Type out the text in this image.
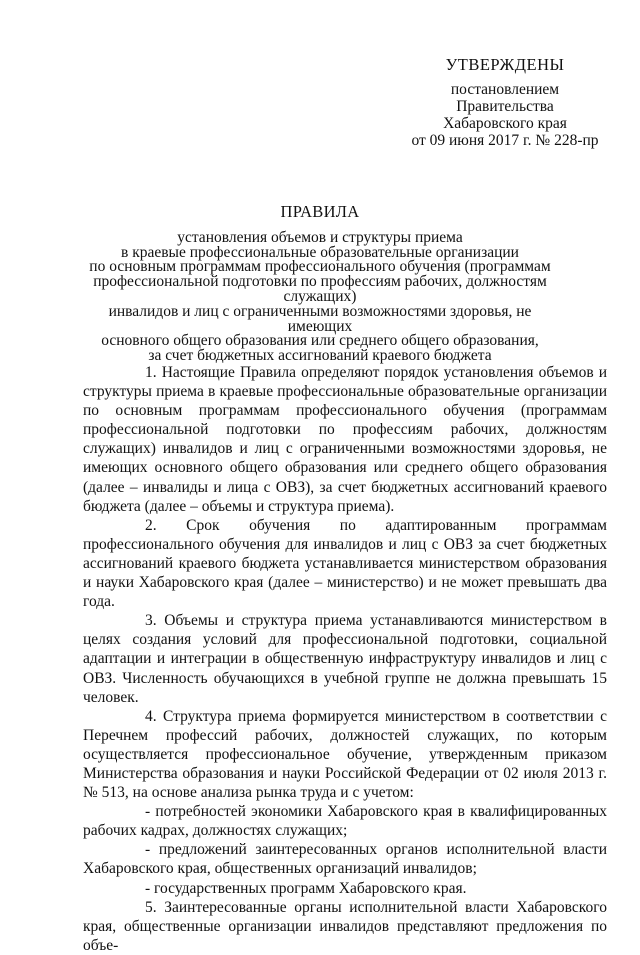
УТВЕРЖДЕНЫ
постановлением
Правительства
Хабаровского края
от 09 июня 2017 г. № 228-пр
ПРАВИЛА
установления объемов и структуры приема
в краевые профессиональные образовательные организации
по основным программам профессионального обучения (программам
профессиональной подготовки по профессиям рабочих, должностям служащих)
инвалидов и лиц с ограниченными возможностями здоровья, не имеющих
основного общего образования или среднего общего образования,
за счет бюджетных ассигнований краевого бюджета

1. Настоящие Правила определяют порядок установления объемов и структуры приема в краевые профессиональные образовательные организации по основным программам профессионального обучения (программам профессиональной подготовки по профессиям рабочих, должностям служащих) инвалидов и лиц с ограниченными возможностями здоровья, не имеющих основного общего образования или среднего общего образования (далее – инвалиды и лица с ОВЗ), за счет бюджетных ассигнований краевого бюджета (далее – объемы и структура приема).

2. Срок обучения по адаптированным программам профессионального обучения для инвалидов и лиц с ОВЗ за счет бюджетных ассигнований краевого бюджета устанавливается министерством образования и науки Хабаровского края (далее – министерство) и не может превышать два года.

3. Объемы и структура приема устанавливаются министерством в целях создания условий для профессиональной подготовки, социальной адаптации и интеграции в общественную инфраструктуру инвалидов и лиц с ОВЗ. Численность обучающихся в учебной группе не должна превышать 15 человек.

4. Структура приема формируется министерством в соответствии с Перечнем профессий рабочих, должностей служащих, по которым осуществляется профессиональное обучение, утвержденным приказом Министерства образования и науки Российской Федерации от 02 июля 2013 г. № 513, на основе анализа рынка труда и с учетом:

- потребностей экономики Хабаровского края в квалифицированных рабочих кадрах, должностях служащих;

- предложений заинтересованных органов исполнительной власти Хабаровского края, общественных организаций инвалидов;

- государственных программ Хабаровского края.

5. Заинтересованные органы исполнительной власти Хабаровского края, общественные организации инвалидов представляют предложения по объе-
